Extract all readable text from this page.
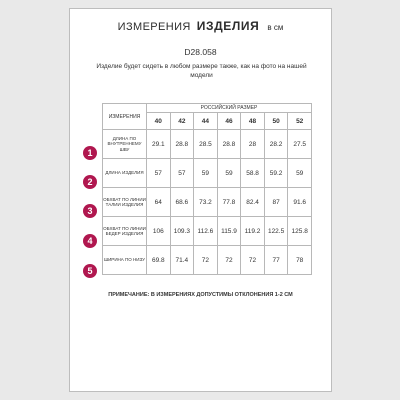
ИЗМЕРЕНИЯ ИЗДЕЛИЯ в см
D28.058
Изделие будет сидеть в любом размере также, как на фото на нашей модели
ИЗМЕРЕНИЯ	РОССИЙСКИЙ РАЗМЕР						
	40	42	44	46	48	50	52
ДЛИНА ПО ВНУТРЕННЕМУ ШВУ	29.1	28.8	28.5	28.8	28	28.2	27.5
ДЛИНА ИЗДЕЛИЯ	57	57	59	59	58.8	59.2	59
ОБХВАТ ПО ЛИНИИ ТАЛИИ ИЗДЕЛИЯ	64	68.6	73.2	77.8	82.4	87	91.6
ОБХВАТ ПО ЛИНИИ БЕДЕР ИЗДЕЛИЯ	106	109.3	112.6	115.9	119.2	122.5	125.8
ШИРИНА ПО НИЗУ	69.8	71.4	72	72	72	77	78
1
2
3
4
5
ПРИМЕЧАНИЕ: В ИЗМЕРЕНИЯХ ДОПУСТИМЫ ОТКЛОНЕНИЯ 1-2 СМ
